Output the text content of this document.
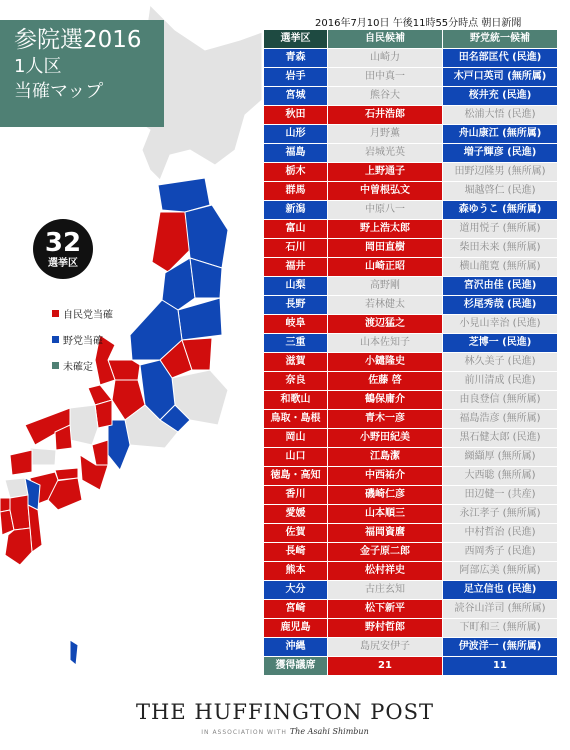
参院選2016
1人区
当確マップ
32
選挙区
自民党当確
野党当確
未確定
2016年7月10日 午後11時55分時点 朝日新聞
選挙区	自民候補	野党統一候補
青森	山崎力	田名部匡代 (民進)
岩手	田中真一	木戸口英司 (無所属)
宮城	熊谷大	桜井充 (民進)
秋田	石井浩郎	松浦大悟 (民進)
山形	月野薫	舟山康江 (無所属)
福島	岩城光英	増子輝彦 (民進)
栃木	上野通子	田野辺隆男 (無所属)
群馬	中曽根弘文	堀越啓仁 (民進)
新潟	中原八一	森ゆうこ (無所属)
富山	野上浩太郎	道用悦子 (無所属)
石川	岡田直樹	柴田未来 (無所属)
福井	山崎正昭	横山龍寛 (無所属)
山梨	高野剛	宮沢由佳 (民進)
長野	若林健太	杉尾秀哉 (民進)
岐阜	渡辺猛之	小見山幸治 (民進)
三重	山本佐知子	芝博一 (民進)
滋賀	小鑓隆史	林久美子 (民進)
奈良	佐藤 啓	前川清成 (民進)
和歌山	鶴保庸介	由良登信 (無所属)
鳥取・島根	青木一彦	福島浩彦 (無所属)
岡山	小野田紀美	黒石健太郎 (民進)
山口	江島潔	纐纈厚 (無所属)
徳島・高知	中西祐介	大西聡 (無所属)
香川	磯崎仁彦	田辺健一 (共産)
愛媛	山本順三	永江孝子 (無所属)
佐賀	福岡資麿	中村哲治 (民進)
長崎	金子原二郎	西岡秀子 (民進)
熊本	松村祥史	阿部広美 (無所属)
大分	古庄玄知	足立信也 (民進)
宮崎	松下新平	読谷山洋司 (無所属)
鹿児島	野村哲郎	下町和三 (無所属)
沖縄	島尻安伊子	伊波洋一 (無所属)
獲得議席	21	11
THE HUFFINGTON POST
IN ASSOCIATION WITH The Asahi Shimbun
